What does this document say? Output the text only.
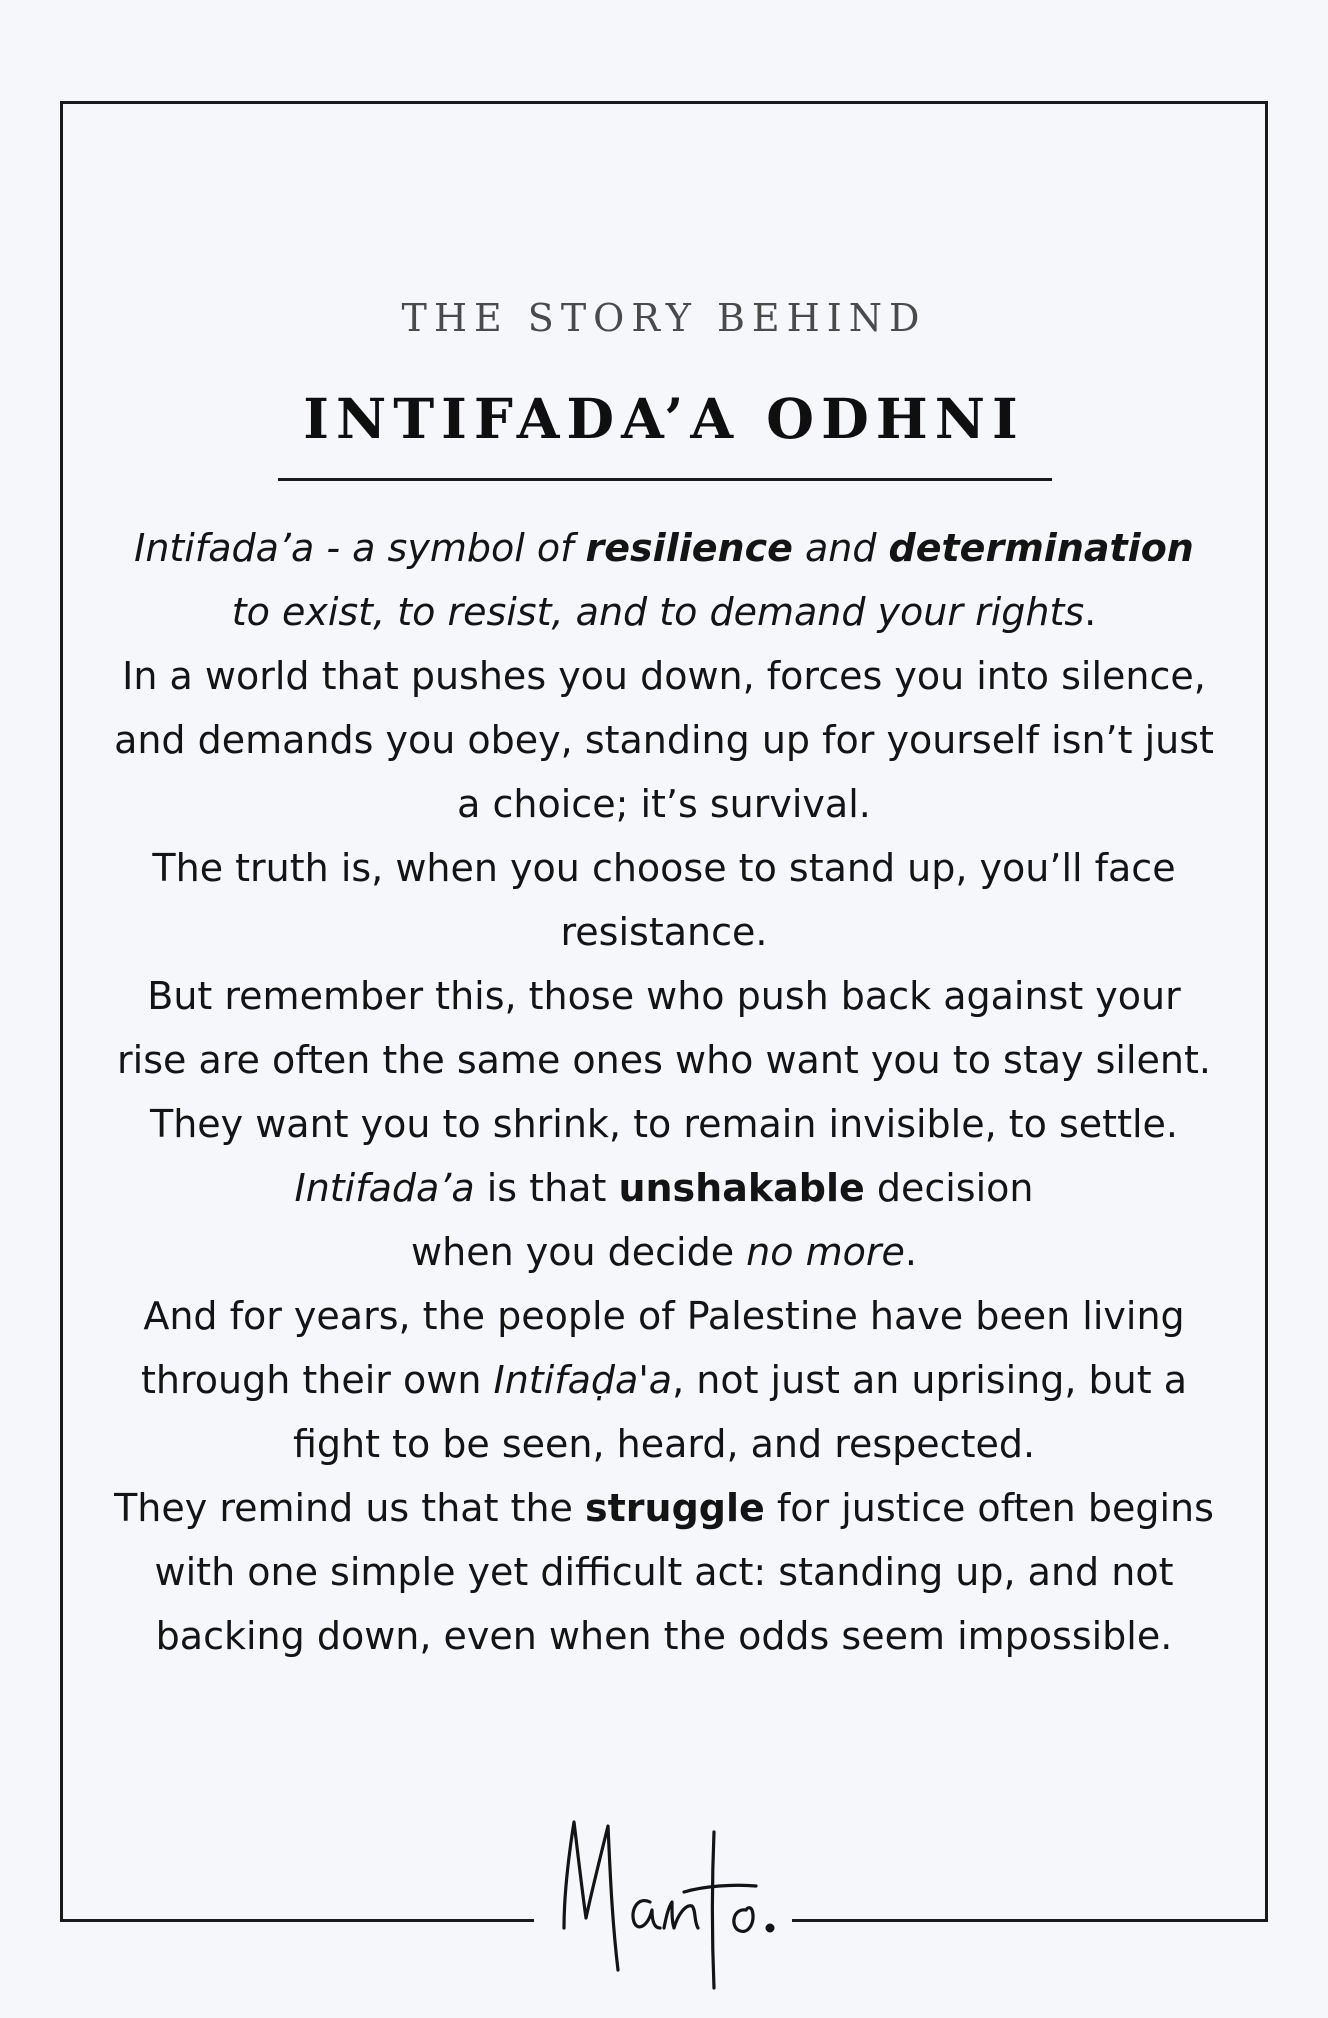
THE STORY BEHIND
INTIFADA’A ODHNI
Intifada’a - a symbol of resilience and determination
to exist, to resist, and to demand your rights.
In a world that pushes you down, forces you into silence,
and demands you obey, standing up for yourself isn’t just
a choice; it’s survival.
The truth is, when you choose to stand up, you’ll face
resistance.
But remember this, those who push back against your
rise are often the same ones who want you to stay silent.
They want you to shrink, to remain invisible, to settle.
Intifada’a is that unshakable decision
when you decide no more.
And for years, the people of Palestine have been living
through their own Intifaḍa'a, not just an uprising, but a
fight to be seen, heard, and respected.
They remind us that the struggle for justice often begins
with one simple yet difficult act: standing up, and not
backing down, even when the odds seem impossible.
